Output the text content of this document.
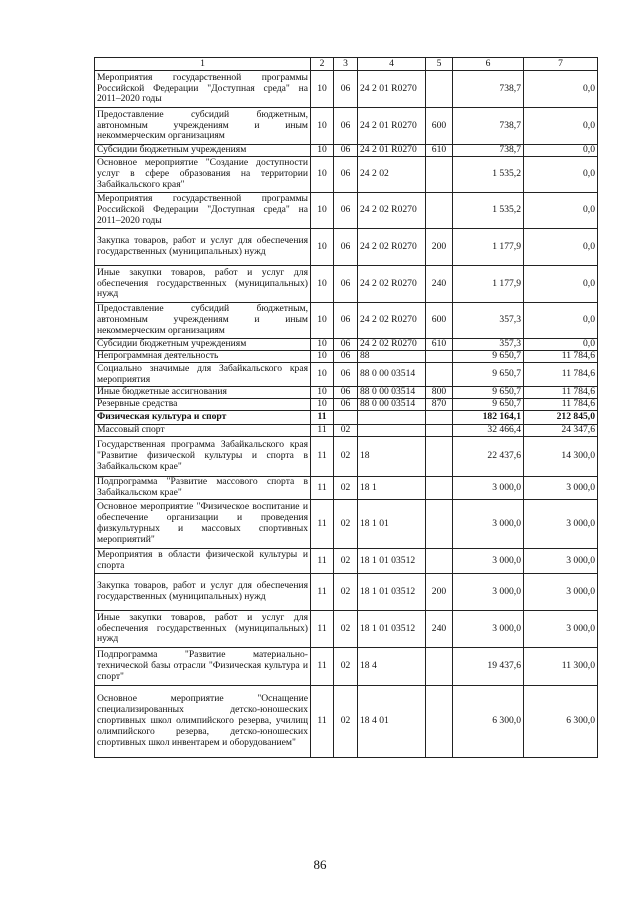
1	2	3	4	5	6	7
Мероприятия государственной программы Российской Федерации "Доступная среда" на 2011–2020 годы	10	06	24 2 01 R0270		738,7	0,0
Предоставление субсидий бюджетным, автономным учреждениям и иным некоммерческим организациям	10	06	24 2 01 R0270	600	738,7	0,0
Субсидии бюджетным учреждениям	10	06	24 2 01 R0270	610	738,7	0,0
Основное мероприятие "Создание доступности услуг в сфере образования на территории Забайкальского края"	10	06	24 2 02		1 535,2	0,0
Мероприятия государственной программы Российской Федерации "Доступная среда" на 2011–2020 годы	10	06	24 2 02 R0270		1 535,2	0,0
Закупка товаров, работ и услуг для обеспечения государственных (муниципальных) нужд	10	06	24 2 02 R0270	200	1 177,9	0,0
Иные закупки товаров, работ и услуг для обеспечения государственных (муниципальных) нужд	10	06	24 2 02 R0270	240	1 177,9	0,0
Предоставление субсидий бюджетным, автономным учреждениям и иным некоммерческим организациям	10	06	24 2 02 R0270	600	357,3	0,0
Субсидии бюджетным учреждениям	10	06	24 2 02 R0270	610	357,3	0,0
Непрограммная деятельность	10	06	88		9 650,7	11 784,6
Социально значимые для Забайкальского края мероприятия	10	06	88 0 00 03514		9 650,7	11 784,6
Иные бюджетные ассигнования	10	06	88 0 00 03514	800	9 650,7	11 784,6
Резервные средства	10	06	88 0 00 03514	870	9 650,7	11 784,6
Физическая культура и спорт	11				182 164,1	212 845,0
Массовый спорт	11	02			32 466,4	24 347,6
Государственная программа Забайкальского края "Развитие физической культуры и спорта в Забайкальском крае"	11	02	18		22 437,6	14 300,0
Подпрограмма "Развитие массового спорта в Забайкальском крае"	11	02	18 1		3 000,0	3 000,0
Основное мероприятие "Физическое воспитание и обеспечение организации и проведения физкультурных и массовых спортивных мероприятий"	11	02	18 1 01		3 000,0	3 000,0
Мероприятия в области физической культуры и спорта	11	02	18 1 01 03512		3 000,0	3 000,0
Закупка товаров, работ и услуг для обеспечения государственных (муниципальных) нужд	11	02	18 1 01 03512	200	3 000,0	3 000,0
Иные закупки товаров, работ и услуг для обеспечения государственных (муниципальных) нужд	11	02	18 1 01 03512	240	3 000,0	3 000,0
Подпрограмма "Развитие материально-технической базы отрасли "Физическая культура и спорт"	11	02	18 4		19 437,6	11 300,0
Основное мероприятие "Оснащение специализированных детско-юношеских спортивных школ олимпийского резерва, училищ олимпийского резерва, детско-юношеских спортивных школ инвентарем и оборудованием"	11	02	18 4 01		6 300,0	6 300,0
86
